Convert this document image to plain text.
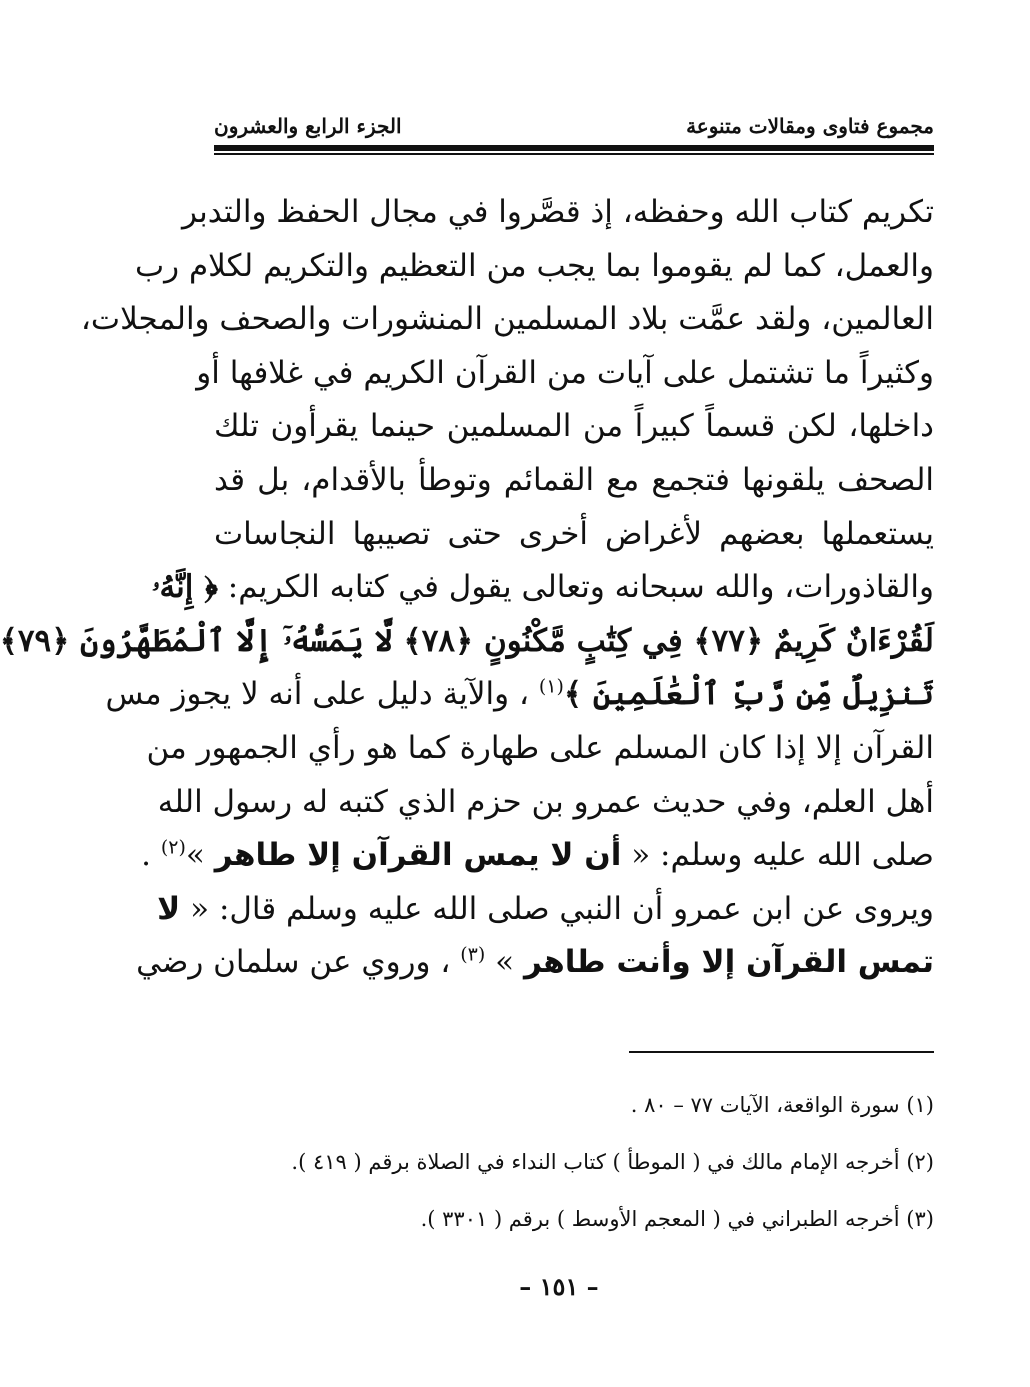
مجموع فتاوى ومقالات متنوعة
الجزء الرابع والعشرون
تكريم كتاب الله وحفظه، إذ قصَّروا في مجال الحفظ والتدبر
والعمل، كما لم يقوموا بما يجب من التعظيم والتكريم لكلام رب
العالمين، ولقد عمَّت بلاد المسلمين المنشورات والصحف والمجلات،
وكثيراً ما تشتمل على آيات من القرآن الكريم في غلافها أو
داخلها، لكن قسماً كبيراً من المسلمين حينما يقرأون تلك
الصحف يلقونها فتجمع مع القمائم وتوطأ بالأقدام، بل قد
يستعملها بعضهم لأغراض أخرى حتى تصيبها النجاسات
والقاذورات، والله سبحانه وتعالى يقول في كتابه الكريم: ﴿ إِنَّهُۥ
لَقُرْءَانٌ كَرِيمٌ ﴿٧٧﴾ فِي كِتَٰبٍ مَّكْنُونٍ ﴿٧٨﴾ لَّا يَمَسُّهُۥٓ إِلَّا ٱلْمُطَهَّرُونَ ﴿٧٩﴾
تَنزِيلٌ مِّن رَّبِّ ٱلْعَٰلَمِينَ ﴾$^{(١)}$ ، والآية دليل على أنه لا يجوز مس
القرآن إلا إذا كان المسلم على طهارة كما هو رأي الجمهور من
أهل العلم، وفي حديث عمرو بن حزم الذي كتبه له رسول الله
صلى الله عليه وسلم: « أن لا يمس القرآن إلا طاهر »$^{(٢)}$ .
ويروى عن ابن عمرو أن النبي صلى الله عليه وسلم قال: « لا
تمس القرآن إلا وأنت طاهر » $^{(٣)}$ ، وروي عن سلمان رضي
(١) سورة الواقعة، الآيات ٧٧ – ٨٠ .
(٢) أخرجه الإمام مالك في ( الموطأ ) كتاب النداء في الصلاة برقم ( ٤١٩ ).
(٣) أخرجه الطبراني في ( المعجم الأوسط ) برقم ( ٣٣٠١ ).
– ١٥١ –
